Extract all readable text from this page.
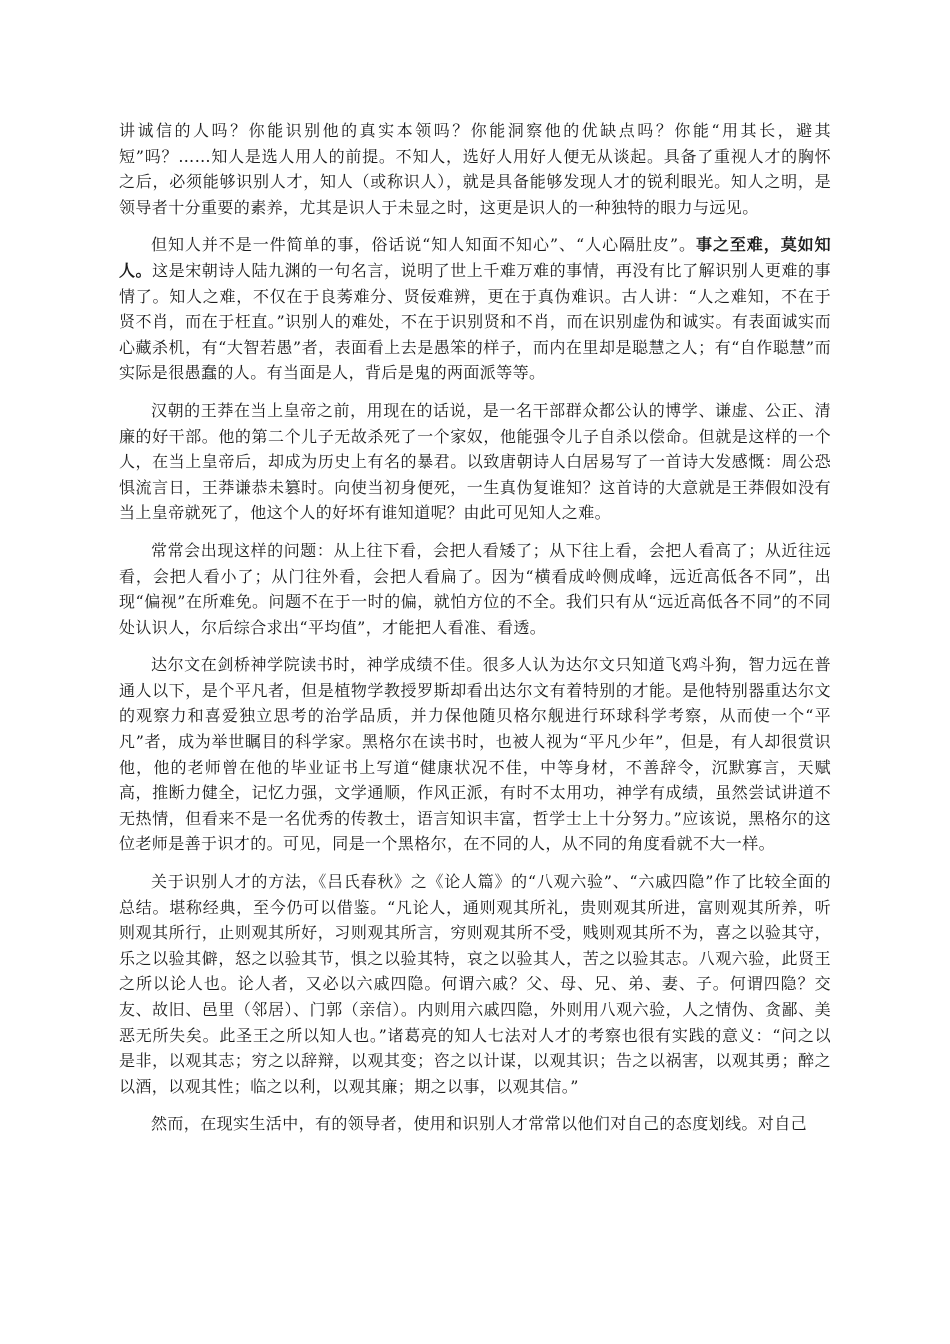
讲诚信的人吗？你能识别他的真实本领吗？你能洞察他的优缺点吗？你能“用其长，避其短”吗？……知人是选人用人的前提。不知人，选好人用好人便无从谈起。具备了重视人才的胸怀之后，必须能够识别人才，知人（或称识人），就是具备能够发现人才的锐利眼光。知人之明，是领导者十分重要的素养，尤其是识人于未显之时，这更是识人的一种独特的眼力与远见。

但知人并不是一件简单的事，俗话说“知人知面不知心”、“人心隔肚皮”。事之至难，莫如知人。这是宋朝诗人陆九渊的一句名言，说明了世上千难万难的事情，再没有比了解识别人更难的事情了。知人之难，不仅在于良莠难分、贤佞难辨，更在于真伪难识。古人讲：“人之难知，不在于贤不肖，而在于枉直。”识别人的难处，不在于识别贤和不肖，而在识别虚伪和诚实。有表面诚实而心藏杀机，有“大智若愚”者，表面看上去是愚笨的样子，而内在里却是聪慧之人；有“自作聪慧”而实际是很愚蠢的人。有当面是人，背后是鬼的两面派等等。

汉朝的王莽在当上皇帝之前，用现在的话说，是一名干部群众都公认的博学、谦虚、公正、清廉的好干部。他的第二个儿子无故杀死了一个家奴，他能强令儿子自杀以偿命。但就是这样的一个人，在当上皇帝后，却成为历史上有名的暴君。以致唐朝诗人白居易写了一首诗大发感慨：周公恐惧流言日，王莽谦恭未篡时。向使当初身便死，一生真伪复谁知？这首诗的大意就是王莽假如没有当上皇帝就死了，他这个人的好坏有谁知道呢？由此可见知人之难。

常常会出现这样的问题：从上往下看，会把人看矮了；从下往上看，会把人看高了；从近往远看，会把人看小了；从门往外看，会把人看扁了。因为“横看成岭侧成峰，远近高低各不同”，出现“偏视”在所难免。问题不在于一时的偏，就怕方位的不全。我们只有从“远近高低各不同”的不同处认识人，尔后综合求出“平均值”，才能把人看准、看透。

达尔文在剑桥神学院读书时，神学成绩不佳。很多人认为达尔文只知道飞鸡斗狗，智力远在普通人以下，是个平凡者，但是植物学教授罗斯却看出达尔文有着特别的才能。是他特别器重达尔文的观察力和喜爱独立思考的治学品质，并力保他随贝格尔舰进行环球科学考察，从而使一个“平凡”者，成为举世瞩目的科学家。黑格尔在读书时，也被人视为“平凡少年”，但是，有人却很赏识他，他的老师曾在他的毕业证书上写道“健康状况不佳，中等身材，不善辞令，沉默寡言，天赋高，推断力健全，记忆力强，文学通顺，作风正派，有时不太用功，神学有成绩，虽然尝试讲道不无热情，但看来不是一名优秀的传教士，语言知识丰富，哲学士上十分努力。”应该说，黑格尔的这位老师是善于识才的。可见，同是一个黑格尔，在不同的人，从不同的角度看就不大一样。

关于识别人才的方法，《吕氏春秋》之《论人篇》的“八观六验”、“六戚四隐”作了比较全面的总结。堪称经典，至今仍可以借鉴。“凡论人，通则观其所礼，贵则观其所进，富则观其所养，听则观其所行，止则观其所好，习则观其所言，穷则观其所不受，贱则观其所不为，喜之以验其守，乐之以验其僻，怒之以验其节，惧之以验其特，哀之以验其人，苦之以验其志。八观六验，此贤王之所以论人也。论人者，又必以六戚四隐。何谓六戚？父、母、兄、弟、妻、子。何谓四隐？交友、故旧、邑里（邻居）、门郭（亲信）。内则用六戚四隐，外则用八观六验，人之情伪、贪鄙、美恶无所失矣。此圣王之所以知人也。”诸葛亮的知人七法对人才的考察也很有实践的意义：“问之以是非，以观其志；穷之以辞辩，以观其变；咨之以计谋，以观其识；告之以祸害，以观其勇；醉之以酒，以观其性；临之以利，以观其廉；期之以事，以观其信。”

然而，在现实生活中，有的领导者，使用和识别人才常常以他们对自己的态度划线。对自己
